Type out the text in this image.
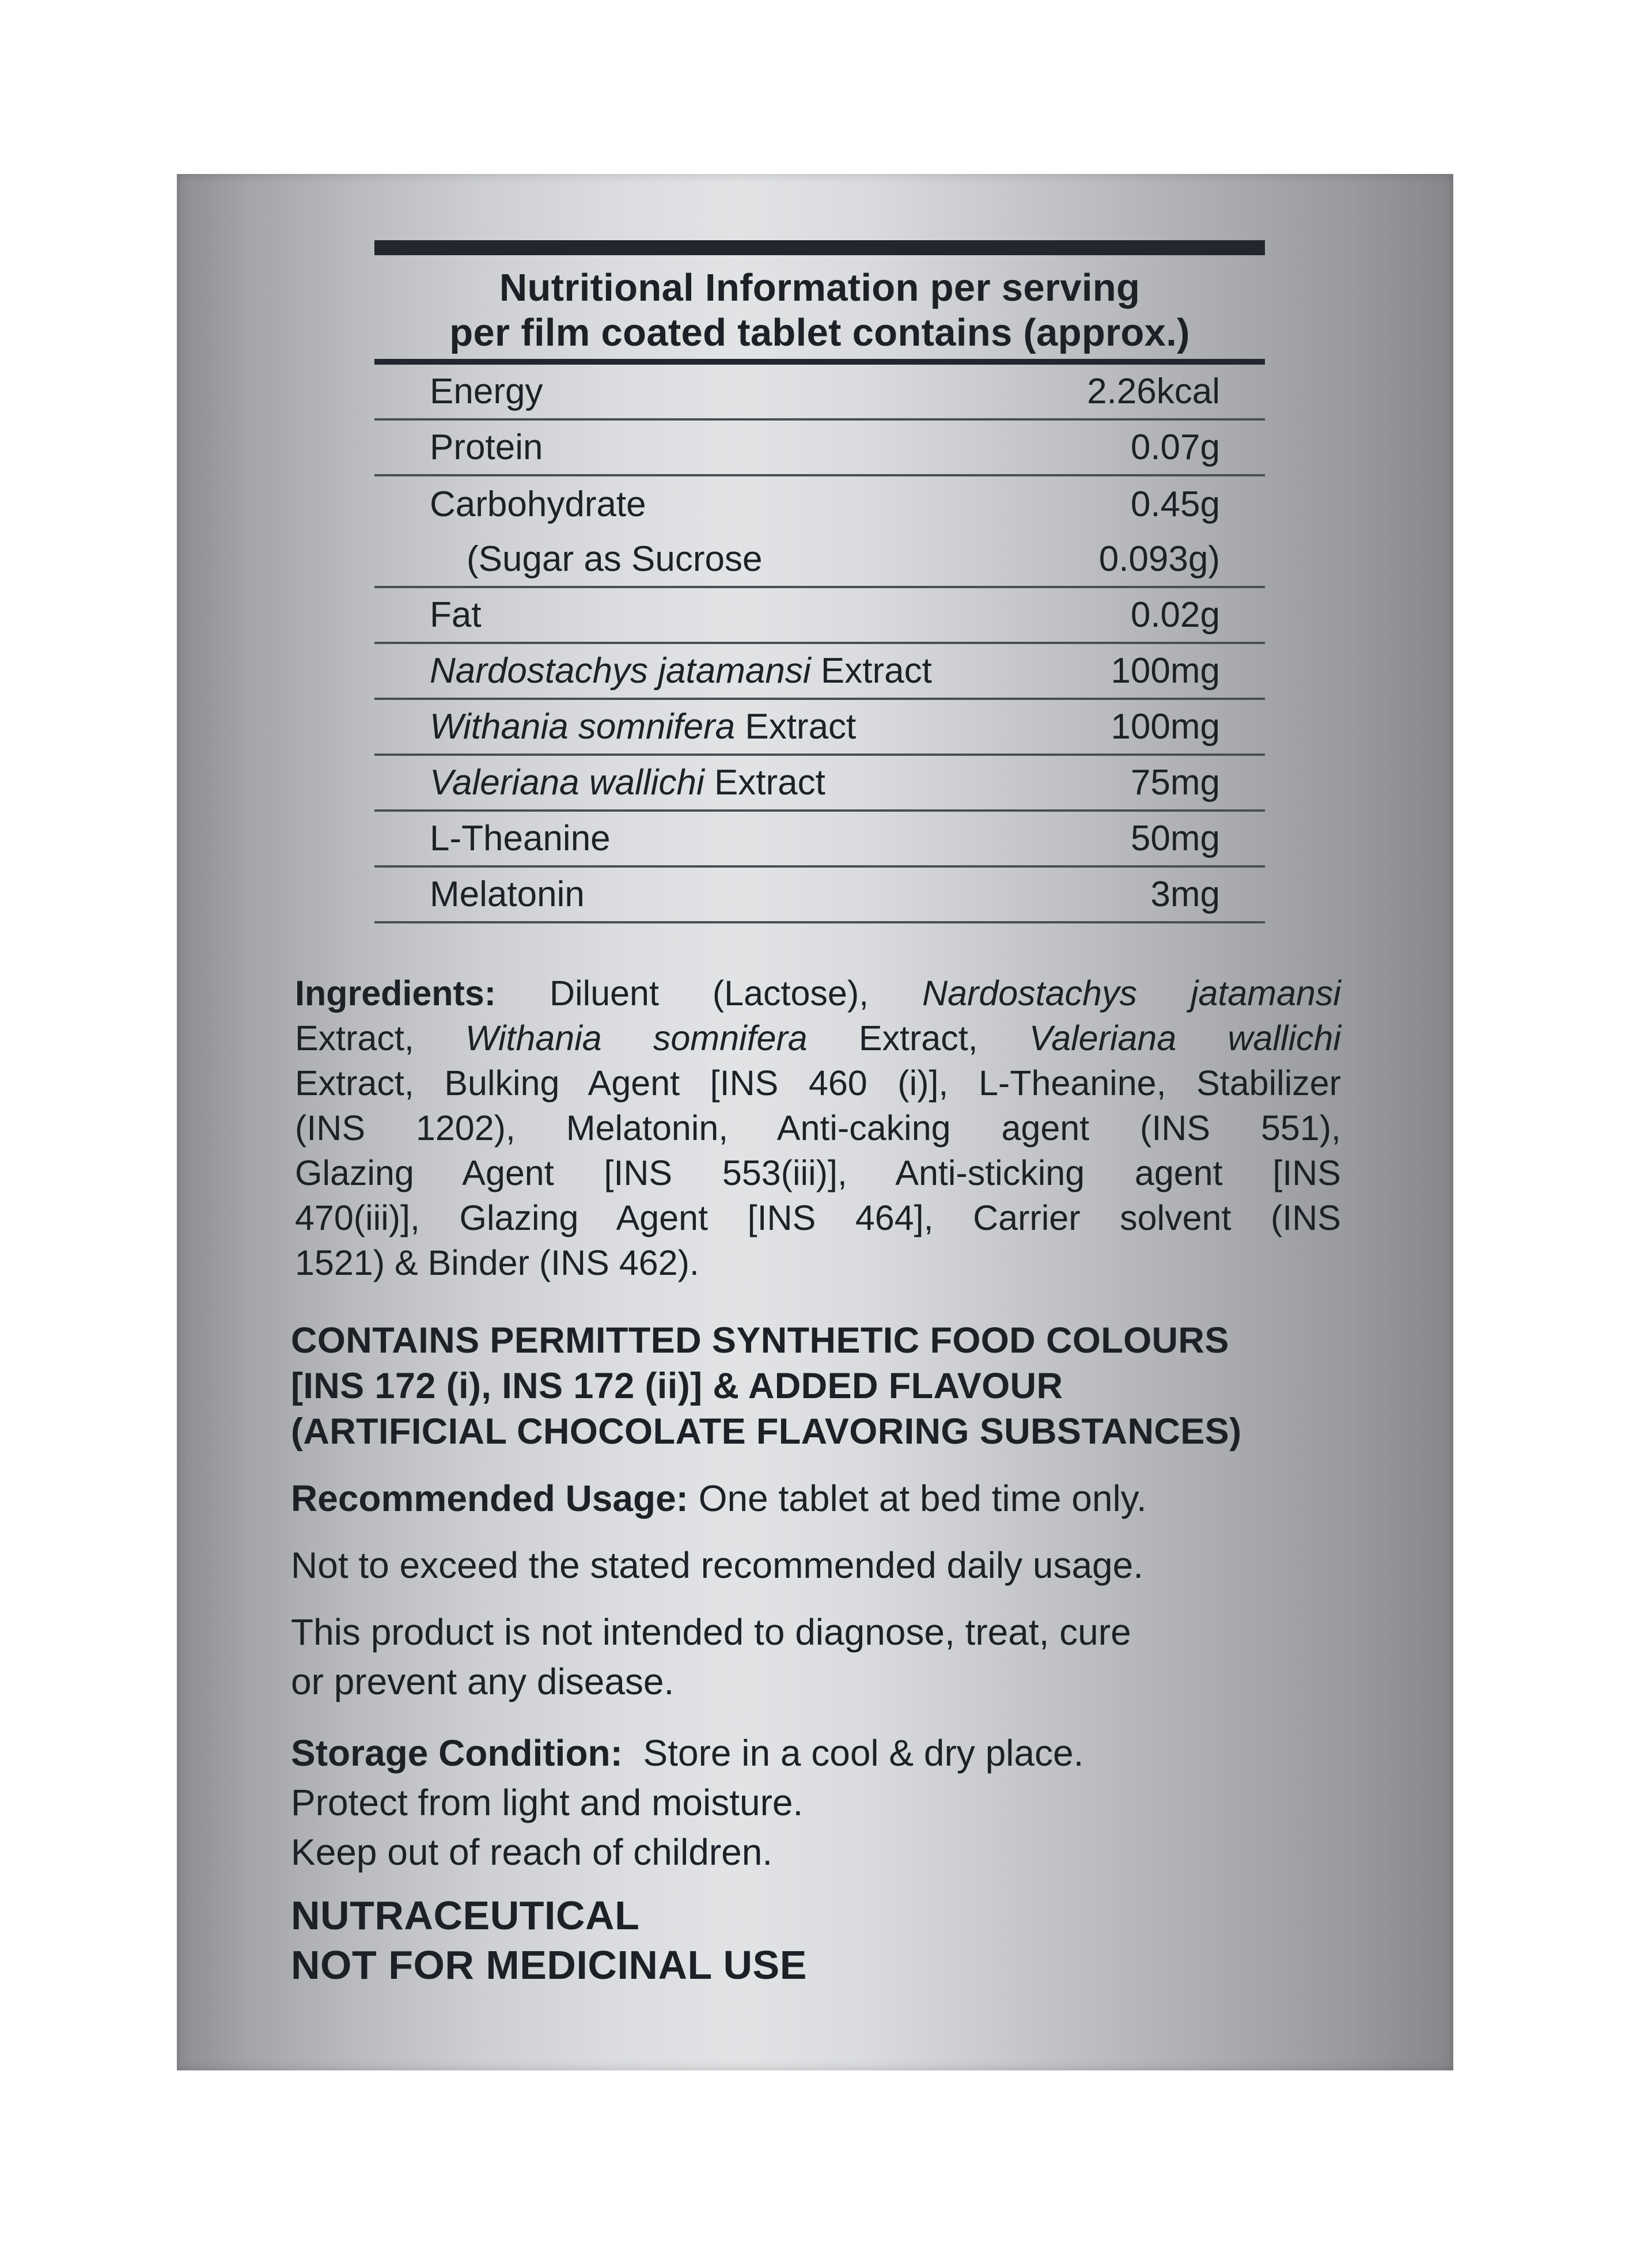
Nutritional Information per serving
per film coated tablet contains (approx.)
Energy	2.26kcal
Protein	0.07g
Carbohydrate	0.45g
(Sugar as Sucrose	0.093g)
Fat	0.02g
Nardostachys jatamansi Extract	100mg
Withania somnifera Extract	100mg
Valeriana wallichi Extract	75mg
L-Theanine	50mg
Melatonin	3mg
Ingredients: Diluent (Lactose), Nardostachys jatamansi
Extract, Withania somnifera Extract, Valeriana wallichi
Extract, Bulking Agent [INS 460 (i)], L-Theanine, Stabilizer
(INS 1202), Melatonin, Anti-caking agent (INS 551),
Glazing Agent [INS 553(iii)], Anti-sticking agent [INS
470(iii)], Glazing Agent [INS 464], Carrier solvent (INS
1521) & Binder (INS 462).
CONTAINS PERMITTED SYNTHETIC FOOD COLOURS
[INS 172 (i), INS 172 (ii)] & ADDED FLAVOUR
(ARTIFICIAL CHOCOLATE FLAVORING SUBSTANCES)
Recommended Usage: One tablet at bed time only.
Not to exceed the stated recommended daily usage.
This product is not intended to diagnose, treat, cure
or prevent any disease.
Storage Condition:  Store in a cool & dry place.
Protect from light and moisture.
Keep out of reach of children.
NUTRACEUTICAL
NOT FOR MEDICINAL USE
